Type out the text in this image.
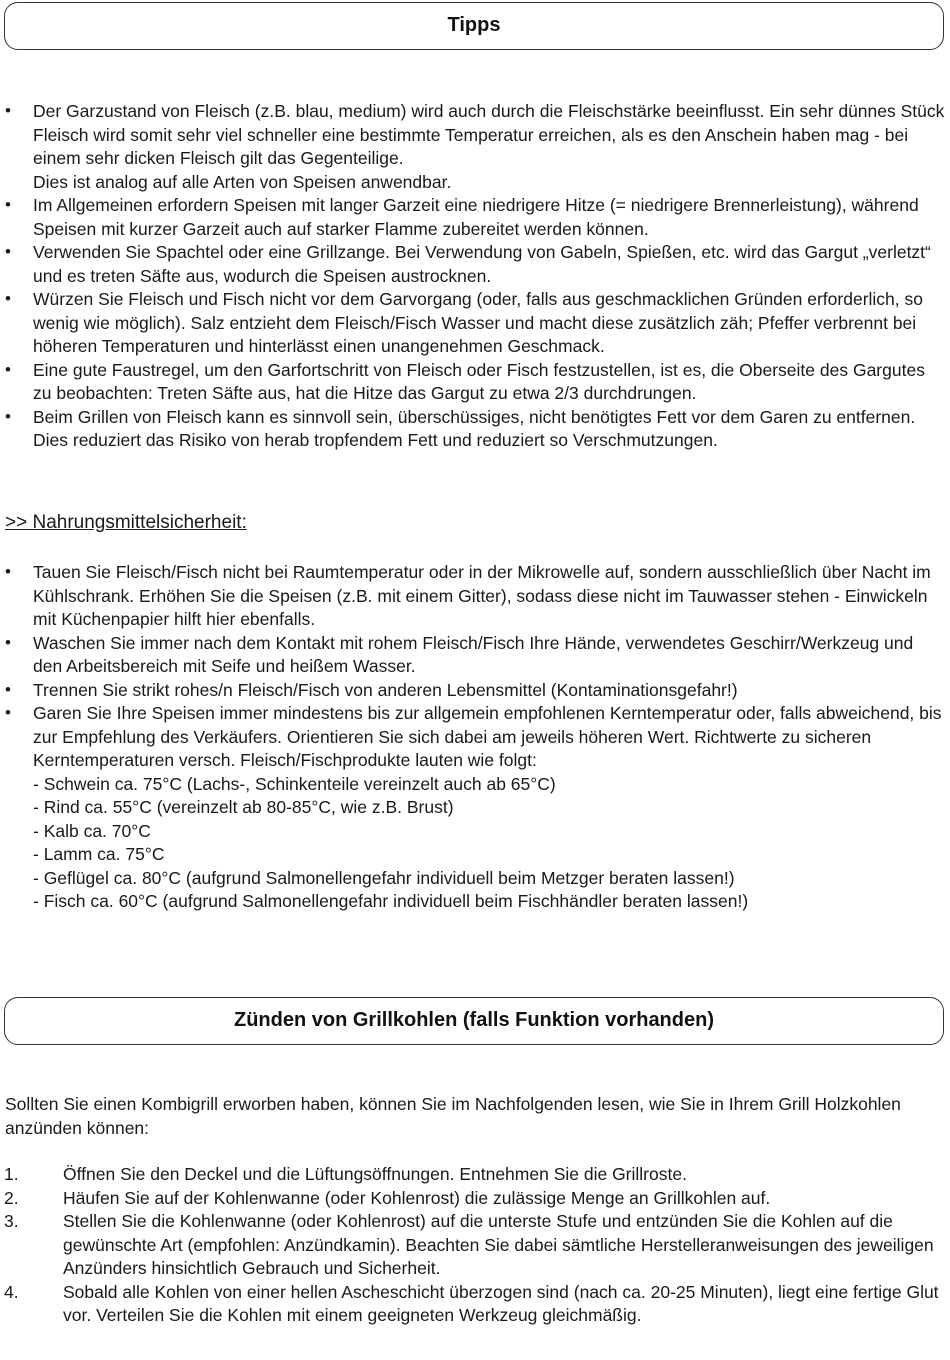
Tipps
• Der Garzustand von Fleisch (z.B. blau, medium) wird auch durch die Fleischstärke beeinflusst. Ein sehr dünnes Stück Fleisch wird somit sehr viel schneller eine bestimmte Temperatur erreichen, als es den Anschein haben mag - bei einem sehr dicken Fleisch gilt das Gegenteilige.
Dies ist analog auf alle Arten von Speisen anwendbar.
• Im Allgemeinen erfordern Speisen mit langer Garzeit eine niedrigere Hitze (= niedrigere Brennerleistung), während Speisen mit kurzer Garzeit auch auf starker Flamme zubereitet werden können.
• Verwenden Sie Spachtel oder eine Grillzange. Bei Verwendung von Gabeln, Spießen, etc. wird das Gargut „verletzt“ und es treten Säfte aus, wodurch die Speisen austrocknen.
• Würzen Sie Fleisch und Fisch nicht vor dem Garvorgang (oder, falls aus geschmacklichen Gründen erforderlich, so wenig wie möglich). Salz entzieht dem Fleisch/Fisch Wasser und macht diese zusätzlich zäh; Pfeffer verbrennt bei höheren Temperaturen und hinterlässt einen unangenehmen Geschmack.
• Eine gute Faustregel, um den Garfortschritt von Fleisch oder Fisch festzustellen, ist es, die Oberseite des Gargutes zu beobachten: Treten Säfte aus, hat die Hitze das Gargut zu etwa 2/3 durchdrungen.
• Beim Grillen von Fleisch kann es sinnvoll sein, überschüssiges, nicht benötigtes Fett vor dem Garen zu entfernen. Dies reduziert das Risiko von herab tropfendem Fett und reduziert so Verschmutzungen.
>> Nahrungsmittelsicherheit:
• Tauen Sie Fleisch/Fisch nicht bei Raumtemperatur oder in der Mikrowelle auf, sondern ausschließlich über Nacht im Kühlschrank. Erhöhen Sie die Speisen (z.B. mit einem Gitter), sodass diese nicht im Tauwasser stehen - Einwickeln mit Küchenpapier hilft hier ebenfalls.
• Waschen Sie immer nach dem Kontakt mit rohem Fleisch/Fisch Ihre Hände, verwendetes Geschirr/Werkzeug und den Arbeitsbereich mit Seife und heißem Wasser.
• Trennen Sie strikt rohes/n Fleisch/Fisch von anderen Lebensmittel (Kontaminationsgefahr!)
• Garen Sie Ihre Speisen immer mindestens bis zur allgemein empfohlenen Kerntemperatur oder, falls abweichend, bis zur Empfehlung des Verkäufers. Orientieren Sie sich dabei am jeweils höheren Wert. Richtwerte zu sicheren Kerntemperaturen versch. Fleisch/Fischprodukte lauten wie folgt:
- Schwein ca. 75°C (Lachs-, Schinkenteile vereinzelt auch ab 65°C)
- Rind ca. 55°C (vereinzelt ab 80-85°C, wie z.B. Brust)
- Kalb ca. 70°C
- Lamm ca. 75°C
- Geflügel ca. 80°C (aufgrund Salmonellengefahr individuell beim Metzger beraten lassen!)
- Fisch ca. 60°C (aufgrund Salmonellengefahr individuell beim Fischhändler beraten lassen!)
Zünden von Grillkohlen (falls Funktion vorhanden)

Sollten Sie einen Kombigrill erworben haben, können Sie im Nachfolgenden lesen, wie Sie in Ihrem Grill Holzkohlen anzünden können:

1.	Öffnen Sie den Deckel und die Lüftungsöffnungen. Entnehmen Sie die Grillroste.
2.	Häufen Sie auf der Kohlenwanne (oder Kohlenrost) die zulässige Menge an Grillkohlen auf.
3.	Stellen Sie die Kohlenwanne (oder Kohlenrost) auf die unterste Stufe und entzünden Sie die Kohlen auf die gewünschte Art (empfohlen: Anzündkamin). Beachten Sie dabei sämtliche Herstelleranweisungen des jeweiligen Anzünders hinsichtlich Gebrauch und Sicherheit.
4.	Sobald alle Kohlen von einer hellen Ascheschicht überzogen sind (nach ca. 20-25 Minuten), liegt eine fertige Glut vor. Verteilen Sie die Kohlen mit einem geeigneten Werkzeug gleichmäßig.
